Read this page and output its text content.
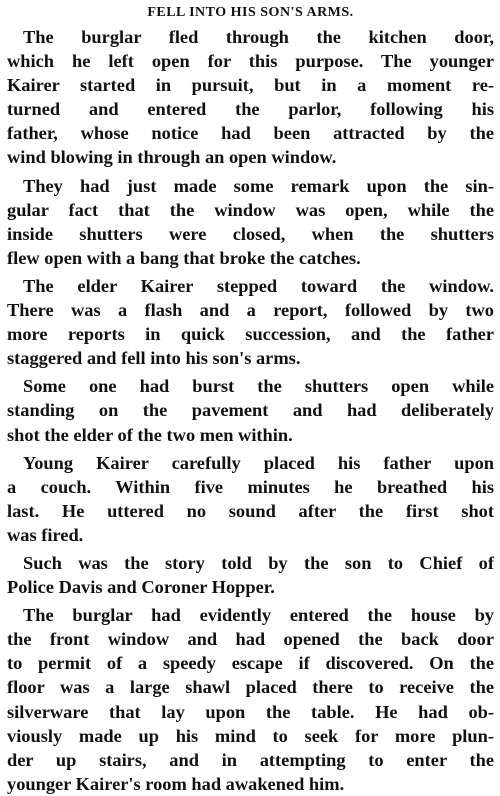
FELL INTO HIS SON'S ARMS.
The burglar fled through the kitchen door,
which he left open for this purpose. The younger
Kairer started in pursuit, but in a moment re-
turned and entered the parlor, following his
father, whose notice had been attracted by the
wind blowing in through an open window.
They had just made some remark upon the sin-
gular fact that the window was open, while the
inside shutters were closed, when the shutters
flew open with a bang that broke the catches.
The elder Kairer stepped toward the window.
There was a flash and a report, followed by two
more reports in quick succession, and the father
staggered and fell into his son's arms.
Some one had burst the shutters open while
standing on the pavement and had deliberately
shot the elder of the two men within.
Young Kairer carefully placed his father upon
a couch. Within five minutes he breathed his
last. He uttered no sound after the first shot
was fired.
Such was the story told by the son to Chief of
Police Davis and Coroner Hopper.
The burglar had evidently entered the house by
the front window and had opened the back door
to permit of a speedy escape if discovered. On the
floor was a large shawl placed there to receive the
silverware that lay upon the table. He had ob-
viously made up his mind to seek for more plun-
der up stairs, and in attempting to enter the
younger Kairer's room had awakened him.
